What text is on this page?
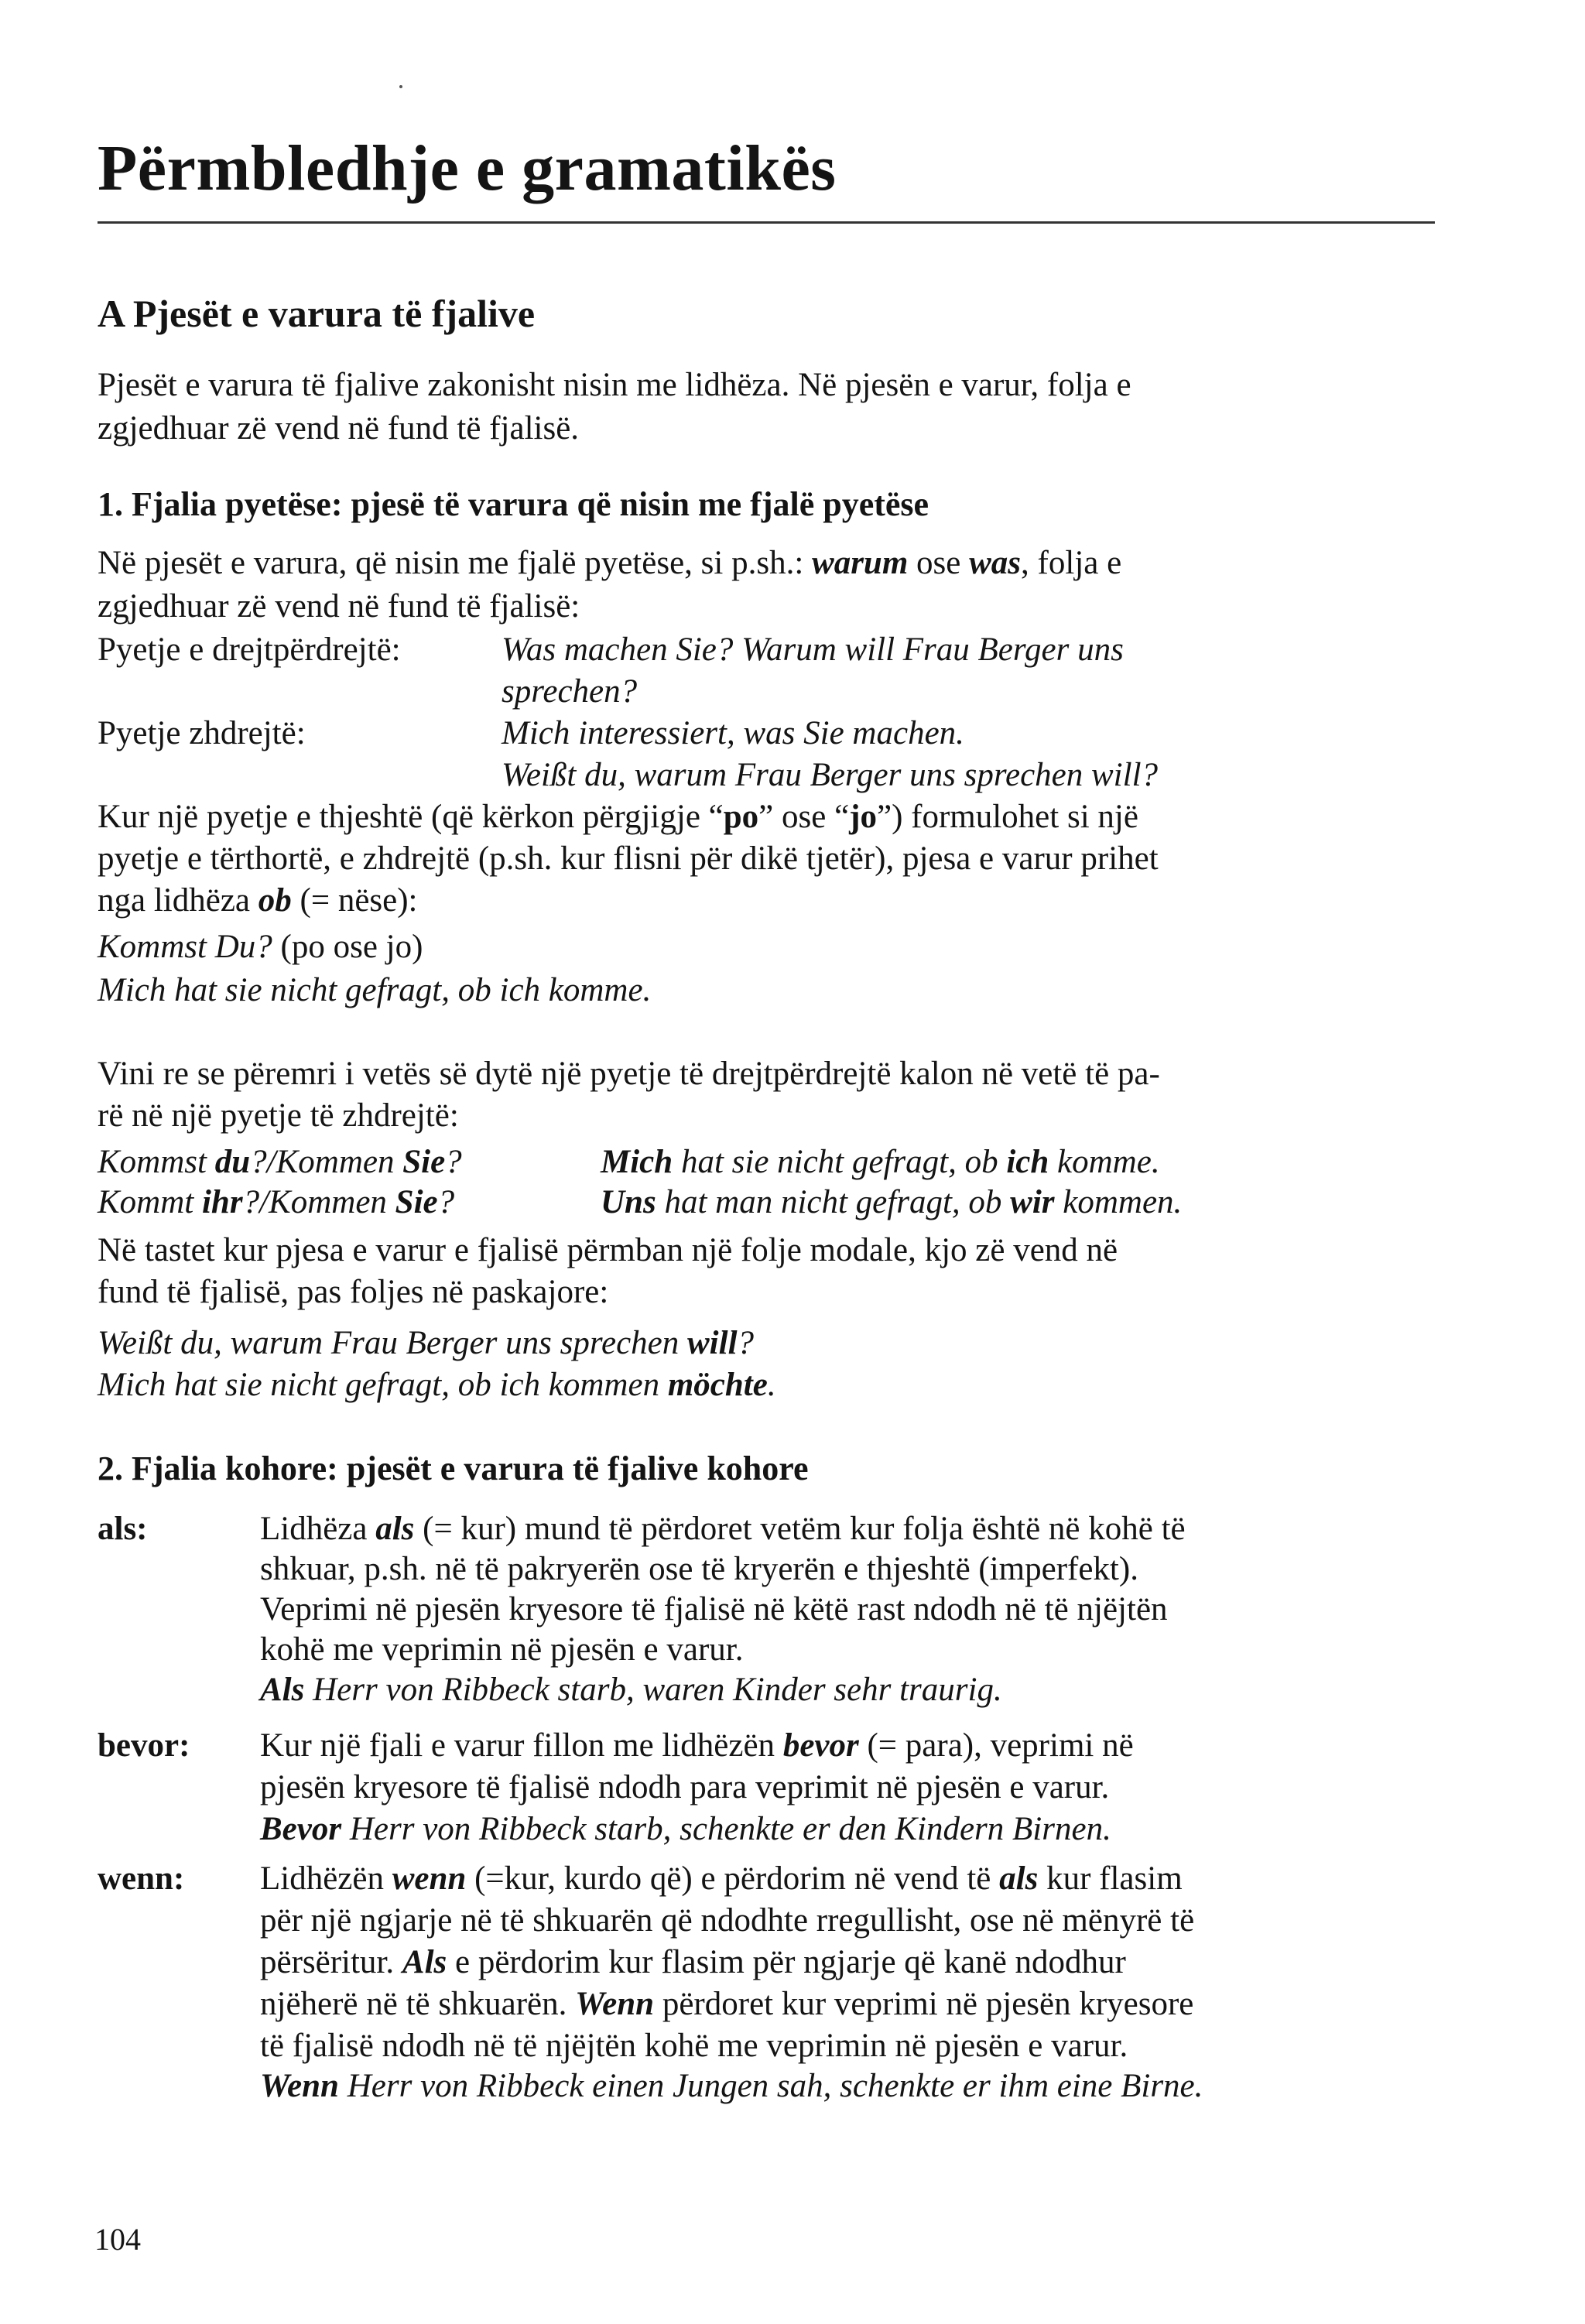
Përmbledhje e gramatikës
A Pjesët e varura të fjalive
Pjesët e varura të fjalive zakonisht nisin me lidhëza. Në pjesën e varur, folja e
zgjedhuar zë vend në fund të fjalisë.
1. Fjalia pyetëse: pjesë të varura që nisin me fjalë pyetëse
Në pjesët e varura, që nisin me fjalë pyetëse, si p.sh.: warum ose was, folja e
zgjedhuar zë vend në fund të fjalisë:
Pyetje e drejtpërdrejtë:	Was machen Sie? Warum will Frau Berger uns
sprechen?
Pyetje zhdrejtë:	Mich interessiert, was Sie machen.
Weißt du, warum Frau Berger uns sprechen will?
Kur një pyetje e thjeshtë (që kërkon përgjigje “po” ose “jo”) formulohet si një
pyetje e tërthortë, e zhdrejtë (p.sh. kur flisni për dikë tjetër), pjesa e varur prihet
nga lidhëza ob (= nëse):
Kommst Du? (po ose jo)
Mich hat sie nicht gefragt, ob ich komme.
Vini re se përemri i vetës së dytë një pyetje të drejtpërdrejtë kalon në vetë të pa-
rë në një pyetje të zhdrejtë:
Kommst du?/Kommen Sie?	Mich hat sie nicht gefragt, ob ich komme.
Kommt ihr?/Kommen Sie?	Uns hat man nicht gefragt, ob wir kommen.
Në tastet kur pjesa e varur e fjalisë përmban një folje modale, kjo zë vend në
fund të fjalisë, pas foljes në paskajore:
Weißt du, warum Frau Berger uns sprechen will?
Mich hat sie nicht gefragt, ob ich kommen möchte.
2. Fjalia kohore: pjesët e varura të fjalive kohore
als:	Lidhëza als (= kur) mund të përdoret vetëm kur folja është në kohë të
shkuar, p.sh. në të pakryerën ose të kryerën e thjeshtë (imperfekt).
Veprimi në pjesën kryesore të fjalisë në këtë rast ndodh në të njëjtën
kohë me veprimin në pjesën e varur.
Als Herr von Ribbeck starb, waren Kinder sehr traurig.
bevor: Kur një fjali e varur fillon me lidhëzën bevor (= para), veprimi në
pjesën kryesore të fjalisë ndodh para veprimit në pjesën e varur.
Bevor Herr von Ribbeck starb, schenkte er den Kindern Birnen.
wenn: Lidhëzën wenn (=kur, kurdo që) e përdorim në vend të als kur flasim
për një ngjarje në të shkuarën që ndodhte rregullisht, ose në mënyrë të
përsëritur. Als e përdorim kur flasim për ngjarje që kanë ndodhur
njëherë në të shkuarën. Wenn përdoret kur veprimi në pjesën kryesore
të fjalisë ndodh në të njëjtën kohë me veprimin në pjesën e varur.
Wenn Herr von Ribbeck einen Jungen sah, schenkte er ihm eine Birne.
104
